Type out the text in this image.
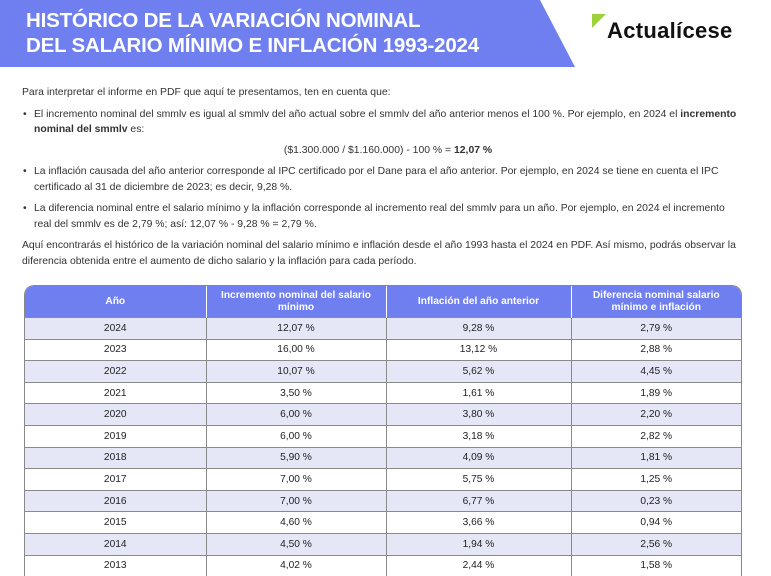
HISTÓRICO DE LA VARIACIÓN NOMINAL
DEL SALARIO MÍNIMO E INFLACIÓN 1993-2024
Actualícese

Para interpretar el informe en PDF que aquí te presentamos, ten en cuenta que:

• El incremento nominal del smmlv es igual al smmlv del año actual sobre el smmlv del año anterior menos el 100 %. Por ejemplo, en 2024 el incremento nominal del smmlv es:
($1.300.000 / $1.160.000) - 100 % = 12,07 %
• La inflación causada del año anterior corresponde al IPC certificado por el Dane para el año anterior. Por ejemplo, en 2024 se tiene en cuenta el IPC certificado al 31 de diciembre de 2023; es decir, 9,28 %.
• La diferencia nominal entre el salario mínimo y la inflación corresponde al incremento real del smmlv para un año. Por ejemplo, en 2024 el incremento real del smmlv es de 2,79 %; así: 12,07 % - 9,28 % = 2,79 %.

Aquí encontrarás el histórico de la variación nominal del salario mínimo e inflación desde el año 1993 hasta el 2024 en PDF. Así mismo, podrás observar la diferencia obtenida entre el aumento de dicho salario y la inflación para cada período.

Año	Incremento nominal del salario mínimo	Inflación del año anterior	Diferencia nominal salario mínimo e inflación
2024	12,07 %	9,28 %	2,79 %
2023	16,00 %	13,12 %	2,88 %
2022	10,07 %	5,62 %	4,45 %
2021	3,50 %	1,61 %	1,89 %
2020	6,00 %	3,80 %	2,20 %
2019	6,00 %	3,18 %	2,82 %
2018	5,90 %	4,09 %	1,81 %
2017	7,00 %	5,75 %	1,25 %
2016	7,00 %	6,77 %	0,23 %
2015	4,60 %	3,66 %	0,94 %
2014	4,50 %	1,94 %	2,56 %
2013	4,02 %	2,44 %	1,58 %
